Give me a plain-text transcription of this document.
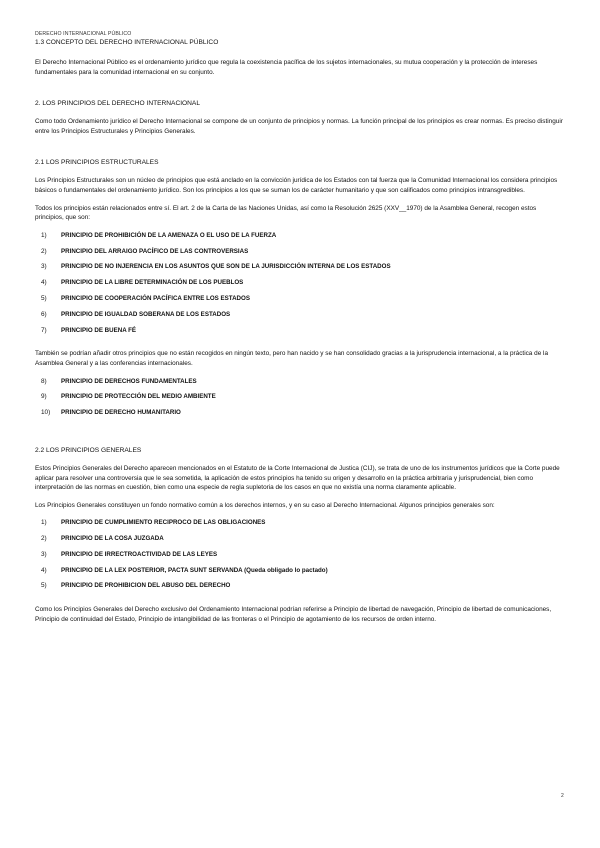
DERECHO INTERNACIONAL PÚBLICO
1.3 CONCEPTO DEL DERECHO INTERNACIONAL PÚBLICO

El Derecho Internacional Público es el ordenamiento jurídico que regula la coexistencia pacífica de los sujetos internacionales, su mutua cooperación y la protección de intereses fundamentales para la comunidad internacional en su conjunto.

2. LOS PRINCIPIOS DEL DERECHO INTERNACIONAL

Como todo Ordenamiento jurídico el Derecho Internacional se compone de un conjunto de principios y normas. La función principal de los principios es crear normas. Es preciso distinguir entre los Principios Estructurales y Principios Generales.

2.1 LOS PRINCIPIOS ESTRUCTURALES

Los Principios Estructurales son un núcleo de principios que está anclado en la convicción jurídica de los Estados con tal fuerza que la Comunidad Internacional los considera principios básicos o fundamentales del ordenamiento jurídico. Son los principios a los que se suman los de carácter humanitario y que son calificados como principios intransgredibles.

Todos los principios están relacionados entre sí. El art. 2 de la Carta de las Naciones Unidas, así como la Resolución 2625 (XXV__1970) de la Asamblea General, recogen estos principios, que son:

1)	PRINCIPIO DE PROHIBICIÓN DE LA AMENAZA O EL USO DE LA FUERZA
2)	PRINCIPIO DEL ARRAIGO PACÍFICO DE LAS CONTROVERSIAS
3)	PRINCIPIO DE NO INJERENCIA EN LOS ASUNTOS QUE SON DE LA JURISDICCIÓN INTERNA DE LOS ESTADOS
4)	PRINCIPIO DE LA LIBRE DETERMINACIÓN DE LOS PUEBLOS
5)	PRINCIPIO DE COOPERACIÓN PACÍFICA ENTRE LOS ESTADOS
6)	PRINCIPIO DE IGUALDAD SOBERANA DE LOS ESTADOS
7)	PRINCIPIO DE BUENA FÉ

También se podrían añadir otros principios que no están recogidos en ningún texto, pero han nacido y se han consolidado gracias a la jurisprudencia internacional, a la práctica de la Asamblea General y a las conferencias internacionales.

8)	PRINCIPIO DE DERECHOS FUNDAMENTALES
9)	PRINCIPIO DE PROTECCIÓN DEL MEDIO AMBIENTE
10)	PRINCIPIO DE DERECHO HUMANITARIO
2.2 LOS PRINCIPIOS GENERALES

Estos Principios Generales del Derecho aparecen mencionados en el Estatuto de la Corte Internacional de Justica (CIJ), se trata de uno de los instrumentos jurídicos que la Corte puede aplicar para resolver una controversia que le sea sometida, la aplicación de estos principios ha tenido su origen y desarrollo en la práctica arbitraria y jurisprudencial, bien como interpretación de las normas en cuestión, bien como una especie de regla supletoria de los casos en que no existía una norma claramente aplicable.

Los Principios Generales constituyen un fondo normativo común a los derechos internos, y en su caso al Derecho Internacional. Algunos principios generales son:

1)	PRINCIPIO DE CUMPLIMIENTO RECIPROCO DE LAS OBLIGACIONES
2)	PRINCIPIO DE LA COSA JUZGADA
3)	PRINCIPIO DE IRRECTROACTIVIDAD DE LAS LEYES
4)	PRINCIPIO DE LA LEX POSTERIOR, PACTA SUNT SERVANDA (Queda obligado lo pactado)
5)	PRINCIPIO DE PROHIBICION DEL ABUSO DEL DERECHO

Como los Principios Generales del Derecho exclusivo del Ordenamiento Internacional podrían referirse a Principio de libertad de navegación, Principio de libertad de comunicaciones, Principio de continuidad del Estado, Principio de intangibilidad de las fronteras o el Principio de agotamiento de los recursos de orden interno.

2
